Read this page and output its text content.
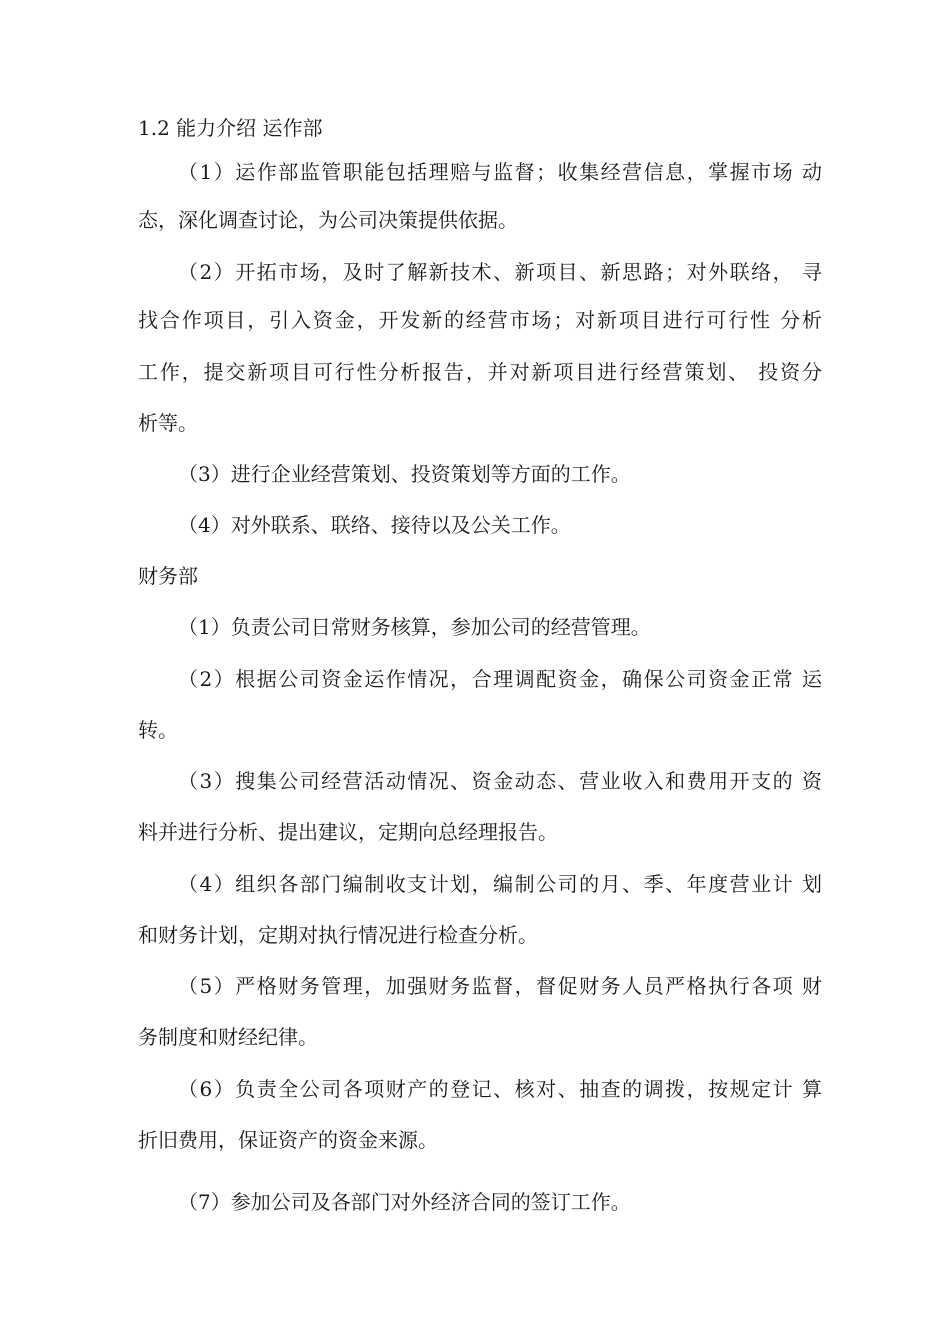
1.2 能力介绍 运作部
（1）运作部监管职能包括理赔与监督；收集经营信息，掌握市场 动
态，深化调查讨论，为公司决策提供依据。
（2）开拓市场，及时了解新技术、新项目、新思路；对外联络， 寻
找合作项目，引入资金，开发新的经营市场；对新项目进行可行性 分析
工作，提交新项目可行性分析报告，并对新项目进行经营策划、 投资分
析等。
（3）进行企业经营策划、投资策划等方面的工作。
（4）对外联系、联络、接待以及公关工作。
财务部
（1）负责公司日常财务核算，参加公司的经营管理。
（2）根据公司资金运作情况，合理调配资金，确保公司资金正常 运
转。
（3）搜集公司经营活动情况、资金动态、营业收入和费用开支的 资
料并进行分析、提出建议，定期向总经理报告。
（4）组织各部门编制收支计划，编制公司的月、季、年度营业计 划
和财务计划，定期对执行情况进行检查分析。
（5）严格财务管理，加强财务监督，督促财务人员严格执行各项 财
务制度和财经纪律。
（6）负责全公司各项财产的登记、核对、抽查的调拨，按规定计 算
折旧费用，保证资产的资金来源。
（7）参加公司及各部门对外经济合同的签订工作。
